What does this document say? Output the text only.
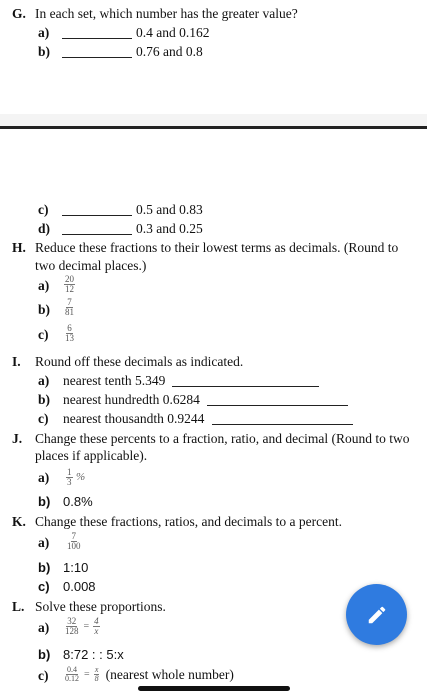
G. In each set, which number has the greater value?
a)	0.4 and 0.162
b)	0.76 and 0.8
c)	0.5 and 0.83
d)	0.3 and 0.25
H. Reduce these fractions to their lowest terms as decimals. (Round to
two decimal places.)
$a) \frac{20}{12}$
$b) \frac{7}{81}$
$c) \frac{6}{13}$
I. Round off these decimals as indicated.
a) nearest tenth 5.349
b) nearest hundredth 0.6284
c) nearest thousandth 0.9244
J. Change these percents to a fraction, ratio, and decimal (Round to two
places if applicable).
$a) \frac{1}{3}$ %
b) 0.8%
K. Change these fractions, ratios, and decimals to a percent.
$a) \frac{7}{100}$
b) 1:10
c) 0.008
L. Solve these proportions.
$a) \frac{32}{128} = \frac{4}{x}$
b) 8:72 : : 5:x
$c) \frac{0.4}{0.12} = \frac{x}{8}$ (nearest whole number)
